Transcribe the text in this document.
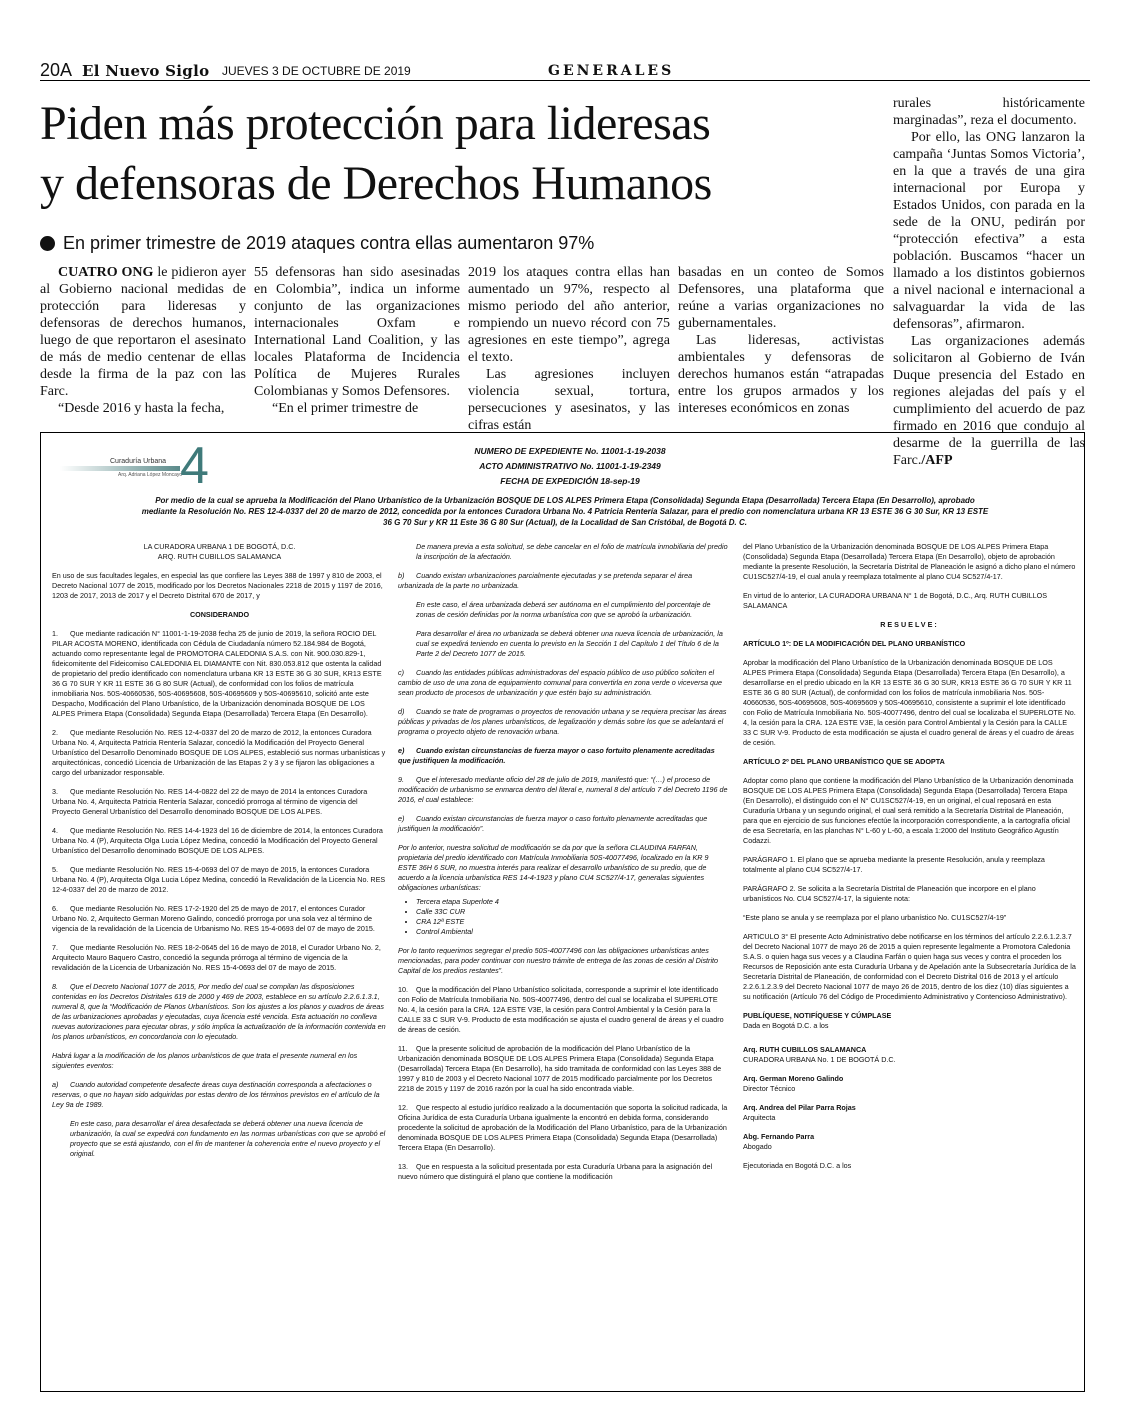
20A El Nuevo Siglo JUEVES 3 DE OCTUBRE DE 2019	GENERALES
Piden más protección para lideresas
y defensoras de Derechos Humanos
En primer trimestre de 2019 ataques contra ellas aumentaron 97%

CUATRO ONG le pidieron ayer al Gobierno nacional medidas de protección para lideresas y defensoras de derechos humanos, luego de que reportaron el asesinato de más de medio centenar de ellas desde la firma de la paz con las Farc.

“Desde 2016 y hasta la fecha,

55 defensoras han sido asesinadas en Colombia”, indica un informe conjunto de las organizaciones internacionales Oxfam e International Land Coalition, y las locales Plataforma de Incidencia Política de Mujeres Rurales Colombianas y Somos Defensores.

“En el primer trimestre de

2019 los ataques contra ellas han aumentado un 97%, respecto al mismo periodo del año anterior, rompiendo un nuevo récord con 75 agresiones en este tiempo”, agrega el texto.

Las agresiones incluyen violencia sexual, tortura, persecuciones y asesinatos, y las cifras están

basadas en un conteo de Somos Defensores, una plataforma que reúne a varias organizaciones no gubernamentales.

Las lideresas, activistas ambientales y defensoras de derechos humanos están “atrapadas entre los grupos armados y los intereses económicos en zonas

rurales históricamente marginadas”, reza el documento.

Por ello, las ONG lanzaron la campaña ‘Juntas Somos Victoria’, en la que a través de una gira internacional por Europa y Estados Unidos, con parada en la sede de la ONU, pedirán por “protección efectiva” a esta población. Buscamos “hacer un llamado a los distintos gobiernos a nivel nacional e internacional a salvaguardar la vida de las defensoras”, afirmaron.

Las organizaciones además solicitaron al Gobierno de Iván Duque presencia del Estado en regiones alejadas del país y el cumplimiento del acuerdo de paz firmado en 2016 que condujo al desarme de la guerrilla de las Farc./AFP

Curaduría Urbana
Arq. Adriana López Moncayo
4	NUMERO DE EXPEDIENTE No. 11001-1-19-2038
ACTO ADMINISTRATIVO No. 11001-1-19-2349
FECHA DE EXPEDICIÓN 18-sep-19
Por medio de la cual se aprueba la Modificación del Plano Urbanístico de la Urbanización BOSQUE DE LOS ALPES Primera Etapa (Consolidada) Segunda Etapa (Desarrollada) Tercera Etapa (En Desarrollo), aprobado mediante la Resolución No. RES 12-4-0337 del 20 de marzo de 2012, concedida por la entonces Curadora Urbana No. 4 Patricia Rentería Salazar, para el predio con nomenclatura urbana KR 13 ESTE 36 G 30 Sur, KR 13 ESTE 36 G 70 Sur y KR 11 Este 36 G 80 Sur (Actual), de la Localidad de San Cristóbal, de Bogotá D. C.
LA CURADORA URBANA 1 DE BOGOTÁ, D.C.
ARQ. RUTH CUBILLOS SALAMANCA
En uso de sus facultades legales, en especial las que confiere las Leyes 388 de 1997 y 810 de 2003, el Decreto Nacional 1077 de 2015, modificado por los Decretos Nacionales 2218 de 2015 y 1197 de 2016, 1203 de 2017, 2013 de 2017 y el Decreto Distrital 670 de 2017, y
CONSIDERANDO
1. Que mediante radicación N° 11001-1-19-2038 fecha 25 de junio de 2019, la señora ROCIO DEL PILAR ACOSTA MORENO, identificada con Cédula de Ciudadanía número 52.184.984 de Bogotá, actuando como representante legal de PROMOTORA CALEDONIA S.A.S. con Nit. 900.030.829-1, fideicomitente del Fideicomiso CALEDONIA EL DIAMANTE con Nit. 830.053.812 que ostenta la calidad de propietario del predio identificado con nomenclatura urbana KR 13 ESTE 36 G 30 SUR, KR13 ESTE 36 G 70 SUR Y KR 11 ESTE 36 G 80 SUR (Actual), de conformidad con los folios de matrícula inmobiliaria Nos. 50S-40660536, 50S-40695608, 50S-40695609 y 50S-40695610, solicitó ante este Despacho, Modificación del Plano Urbanístico, de la Urbanización denominada BOSQUE DE LOS ALPES Primera Etapa (Consolidada) Segunda Etapa (Desarrollada) Tercera Etapa (En Desarrollo).
2. Que mediante Resolución No. RES 12-4-0337 del 20 de marzo de 2012, la entonces Curadora Urbana No. 4, Arquitecta Patricia Rentería Salazar, concedió la Modificación del Proyecto General Urbanístico del Desarrollo Denominado BOSQUE DE LOS ALPES, estableció sus normas urbanísticas y arquitectónicas, concedió Licencia de Urbanización de las Etapas 2 y 3 y se fijaron las obligaciones a cargo del urbanizador responsable.
3. Que mediante Resolución No. RES 14-4-0822 del 22 de mayo de 2014 la entonces Curadora Urbana No. 4, Arquitecta Patricia Rentería Salazar, concedió prorroga al término de vigencia del Proyecto General Urbanístico del Desarrollo denominado BOSQUE DE LOS ALPES.
4. Que mediante Resolución No. RES 14-4-1923 del 16 de diciembre de 2014, la entonces Curadora Urbana No. 4 (P), Arquitecta Olga Lucia López Medina, concedió la Modificación del Proyecto General Urbanístico del Desarrollo denominado BOSQUE DE LOS ALPES.
5. Que mediante Resolución No. RES 15-4-0693 del 07 de mayo de 2015, la entonces Curadora Urbana No. 4 (P), Arquitecta Olga Lucia López Medina, concedió la Revalidación de la Licencia No. RES 12-4-0337 del 20 de marzo de 2012.
6. Que mediante Resolución No. RES 17-2-1920 del 25 de mayo de 2017, el entonces Curador Urbano No. 2, Arquitecto German Moreno Galindo, concedió prorroga por una sola vez al término de vigencia de la revalidación de la Licencia de Urbanismo No. RES 15-4-0693 del 07 de mayo de 2015.
7. Que mediante Resolución No. RES 18-2-0645 del 16 de mayo de 2018, el Curador Urbano No. 2, Arquitecto Mauro Baquero Castro, concedió la segunda prórroga al término de vigencia de la revalidación de la Licencia de Urbanización No. RES 15-4-0693 del 07 de mayo de 2015.
8. Que el Decreto Nacional 1077 de 2015, Por medio del cual se compilan las disposiciones contenidas en los Decretos Distritales 619 de 2000 y 469 de 2003, establece en su artículo 2.2.6.1.3.1, numeral 8, que la “Modificación de Planos Urbanísticos. Son los ajustes a los planos y cuadros de áreas de las urbanizaciones aprobadas y ejecutadas, cuya licencia esté vencida. Esta actuación no conlleva nuevas autorizaciones para ejecutar obras, y sólo implica la actualización de la información contenida en los planos urbanísticos, en concordancia con lo ejecutado.
Habrá lugar a la modificación de los planos urbanísticos de que trata el presente numeral en los siguientes eventos:
a) Cuando autoridad competente desafecte áreas cuya destinación corresponda a afectaciones o reservas, o que no hayan sido adquiridas por estas dentro de los términos previstos en el artículo de la Ley 9a de 1989.
En este caso, para desarrollar el área desafectada se deberá obtener una nueva licencia de urbanización, la cual se expedirá con fundamento en las normas urbanísticas con que se aprobó el proyecto que se está ajustando, con el fin de mantener la coherencia entre el nuevo proyecto y el original.
De manera previa a esta solicitud, se debe cancelar en el folio de matrícula inmobiliaria del predio la inscripción de la afectación.
b) Cuando existan urbanizaciones parcialmente ejecutadas y se pretenda separar el área urbanizada de la parte no urbanizada.
En este caso, el área urbanizada deberá ser autónoma en el cumplimiento del porcentaje de zonas de cesión definidas por la norma urbanística con que se aprobó la urbanización.
Para desarrollar el área no urbanizada se deberá obtener una nueva licencia de urbanización, la cual se expedirá teniendo en cuenta lo previsto en la Sección 1 del Capítulo 1 del Título 6 de la Parte 2 del Decreto 1077 de 2015.
c) Cuando las entidades públicas administradoras del espacio público de uso público soliciten el cambio de uso de una zona de equipamiento comunal para convertirla en zona verde o viceversa que sean producto de procesos de urbanización y que estén bajo su administración.
d) Cuando se trate de programas o proyectos de renovación urbana y se requiera precisar las áreas públicas y privadas de los planes urbanísticos, de legalización y demás sobre los que se adelantará el programa o proyecto objeto de renovación urbana.
e) Cuando existan circunstancias de fuerza mayor o caso fortuito plenamente acreditadas que justifiquen la modificación.
9. Que el interesado mediante oficio del 28 de julio de 2019, manifestó que: “(…) el proceso de modificación de urbanismo se enmarca dentro del literal e, numeral 8 del artículo 7 del Decreto 1196 de 2016, el cual establece:
e) Cuando existan circunstancias de fuerza mayor o caso fortuito plenamente acreditadas que justifiquen la modificación”.
Por lo anterior, nuestra solicitud de modificación se da por que la señora CLAUDINA FARFAN, propietaria del predio identificado con Matrícula Inmobiliaria 50S-40077496, localizado en la KR 9 ESTE 36H 6 SUR, no muestra interés para realizar el desarrollo urbanístico de su predio, que de acuerdo a la licencia urbanística RES 14-4-1923 y plano CU4 SC527/4-17, generalas siguientes obligaciones urbanísticas:
• Tercera etapa Superlote 4
• Calle 33C CUR
• CRA 12ª ESTE
• Control Ambiental
Por lo tanto requerimos segregar el predio 50S-40077496 con las obligaciones urbanísticas antes mencionadas, para poder continuar con nuestro trámite de entrega de las zonas de cesión al Distrito Capital de los predios restantes”.
10. Que la modificación del Plano Urbanístico solicitada, corresponde a suprimir el lote identificado con Folio de Matrícula Inmobiliaria No. 50S-40077496, dentro del cual se localizaba el SUPERLOTE No. 4, la cesión para la CRA. 12A ESTE V3E, la cesión para Control Ambiental y la Cesión para la CALLE 33 C SUR V-9. Producto de esta modificación se ajusta el cuadro general de áreas y el cuadro de áreas de cesión.
11. Que la presente solicitud de aprobación de la modificación del Plano Urbanístico de la Urbanización denominada BOSQUE DE LOS ALPES Primera Etapa (Consolidada) Segunda Etapa (Desarrollada) Tercera Etapa (En Desarrollo), ha sido tramitada de conformidad con las Leyes 388 de 1997 y 810 de 2003 y el Decreto Nacional 1077 de 2015 modificado parcialmente por los Decretos 2218 de 2015 y 1197 de 2016 razón por la cual ha sido encontrada viable.
12. Que respecto al estudio jurídico realizado a la documentación que soporta la solicitud radicada, la Oficina Jurídica de esta Curaduría Urbana igualmente la encontró en debida forma, considerando procedente la solicitud de aprobación de la Modificación del Plano Urbanístico, para de la Urbanización denominada BOSQUE DE LOS ALPES Primera Etapa (Consolidada) Segunda Etapa (Desarrollada) Tercera Etapa (En Desarrollo).
13. Que en respuesta a la solicitud presentada por esta Curaduría Urbana para la asignación del nuevo número que distinguirá el plano que contiene la modificación
del Plano Urbanístico de la Urbanización denominada BOSQUE DE LOS ALPES Primera Etapa (Consolidada) Segunda Etapa (Desarrollada) Tercera Etapa (En Desarrollo), objeto de aprobación mediante la presente Resolución, la Secretaría Distrital de Planeación le asignó a dicho plano el número CU1SC527/4-19, el cual anula y reemplaza totalmente al plano CU4 SC527/4-17.
En virtud de lo anterior, LA CURADORA URBANA N° 1 de Bogotá, D.C., Arq. RUTH CUBILLOS SALAMANCA
RESUELVE:
ARTÍCULO 1º: DE LA MODIFICACIÓN DEL PLANO URBANÍSTICO
Aprobar la modificación del Plano Urbanístico de la Urbanización denominada BOSQUE DE LOS ALPES Primera Etapa (Consolidada) Segunda Etapa (Desarrollada) Tercera Etapa (En Desarrollo), a desarrollarse en el predio ubicado en la KR 13 ESTE 36 G 30 SUR, KR13 ESTE 36 G 70 SUR Y KR 11 ESTE 36 G 80 SUR (Actual), de conformidad con los folios de matrícula inmobiliaria Nos. 50S-40660536, 50S-40695608, 50S-40695609 y 50S-40695610, consistente a suprimir el lote identificado con Folio de Matrícula Inmobiliaria No. 50S-40077496, dentro del cual se localizaba el SUPERLOTE No. 4, la cesión para la CRA. 12A ESTE V3E, la cesión para Control Ambiental y la Cesión para la CALLE 33 C SUR V-9. Producto de esta modificación se ajusta el cuadro general de áreas y el cuadro de áreas de cesión.
ARTÍCULO 2º DEL PLANO URBANÍSTICO QUE SE ADOPTA
Adoptar como plano que contiene la modificación del Plano Urbanístico de la Urbanización denominada BOSQUE DE LOS ALPES Primera Etapa (Consolidada) Segunda Etapa (Desarrollada) Tercera Etapa (En Desarrollo), el distinguido con el N° CU1SC527/4-19, en un original, el cual reposará en esta Curaduría Urbana y un segundo original, el cual será remitido a la Secretaría Distrital de Planeación, para que en ejercicio de sus funciones efectúe la incorporación correspondiente, a la cartografía oficial de esa Secretaría, en las planchas N° L-60 y L-60, a escala 1:2000 del Instituto Geográfico Agustín Codazzi.
PARÁGRAFO 1. El plano que se aprueba mediante la presente Resolución, anula y reemplaza totalmente al plano CU4 SC527/4-17.
PARÁGRAFO 2. Se solicita a la Secretaría Distrital de Planeación que incorpore en el plano urbanísticos No. CU4 SC527/4-17, la siguiente nota:
“Este plano se anula y se reemplaza por el plano urbanístico No. CU1SC527/4-19”
ARTICULO 3° El presente Acto Administrativo debe notificarse en los términos del artículo 2.2.6.1.2.3.7 del Decreto Nacional 1077 de mayo 26 de 2015 a quien represente legalmente a Promotora Caledonia S.A.S. o quien haga sus veces y a Claudina Farfán o quien haga sus veces y contra el proceden los Recursos de Reposición ante esta Curaduría Urbana y de Apelación ante la Subsecretaría Jurídica de la Secretaría Distrital de Planeación, de conformidad con el Decreto Distrital 016 de 2013 y el artículo 2.2.6.1.2.3.9 del Decreto Nacional 1077 de mayo 26 de 2015, dentro de los diez (10) días siguientes a su notificación (Artículo 76 del Código de Procedimiento Administrativo y Contencioso Administrativo).
PUBLÍQUESE, NOTIFÍQUESE Y CÚMPLASE
Dada en Bogotá D.C. a los
Arq. RUTH CUBILLOS SALAMANCA
CURADORA URBANA No. 1 DE BOGOTÁ D.C.
Arq. German Moreno Galindo
Director Técnico
Arq. Andrea del Pilar Parra Rojas
Arquitecta
Abg. Fernando Parra
Abogado
Ejecutoriada en Bogotá D.C. a los
